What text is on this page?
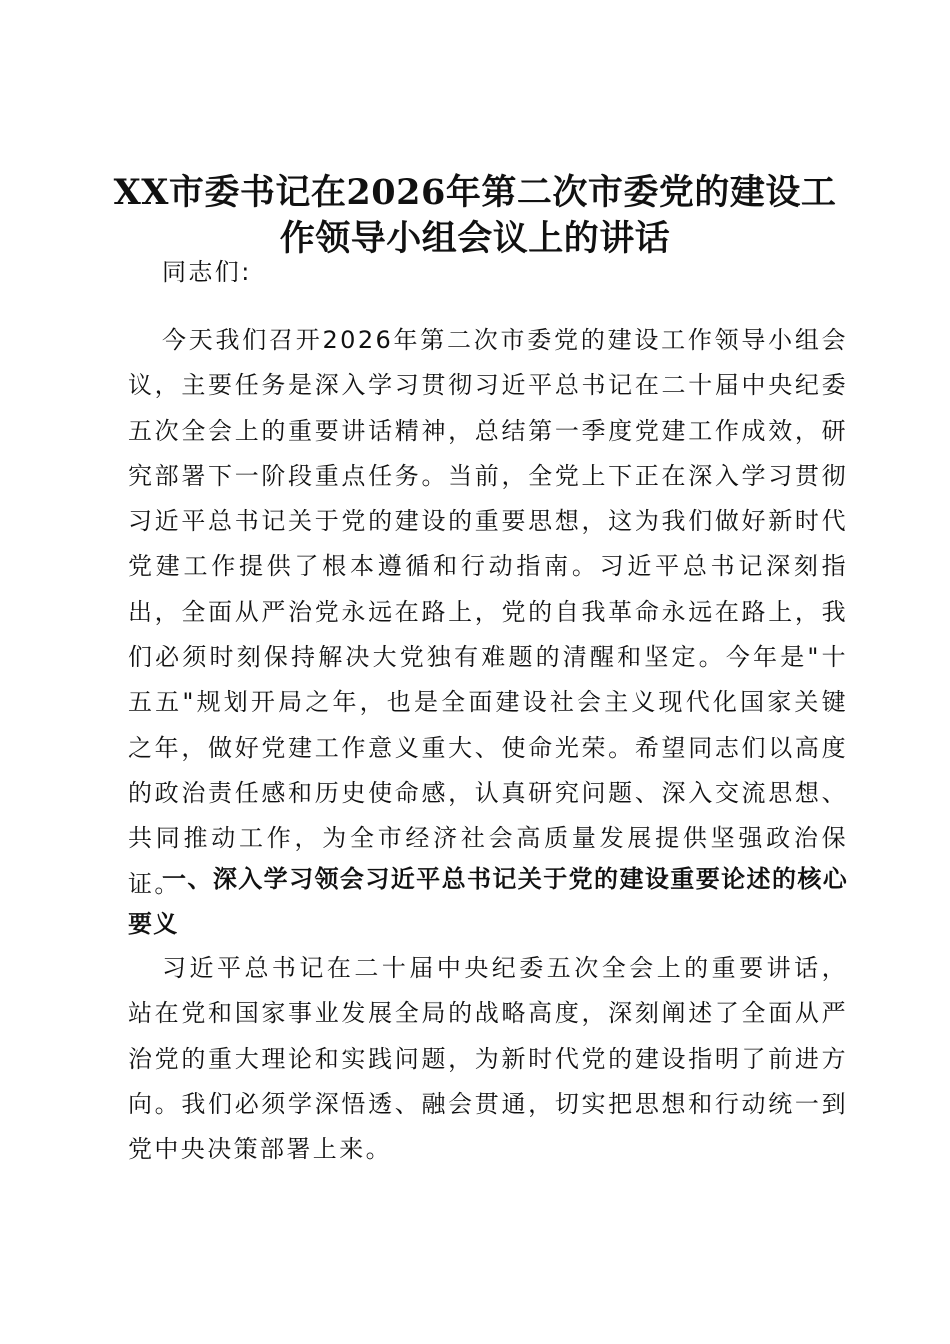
XX市委书记在2026年第二次市委党的建设工作领导小组会议上的讲话

同志们:

今天我们召开2026年第二次市委党的建设工作领导小组会议，主要任务是深入学习贯彻习近平总书记在二十届中央纪委五次全会上的重要讲话精神，总结第一季度党建工作成效，研究部署下一阶段重点任务。当前，全党上下正在深入学习贯彻习近平总书记关于党的建设的重要思想，这为我们做好新时代党建工作提供了根本遵循和行动指南。习近平总书记深刻指出，全面从严治党永远在路上，党的自我革命永远在路上，我们必须时刻保持解决大党独有难题的清醒和坚定。今年是"十五五"规划开局之年，也是全面建设社会主义现代化国家关键之年，做好党建工作意义重大、使命光荣。希望同志们以高度的政治责任感和历史使命感，认真研究问题、深入交流思想、共同推动工作，为全市经济社会高质量发展提供坚强政治保证。

一、深入学习领会习近平总书记关于党的建设重要论述的核心要义

习近平总书记在二十届中央纪委五次全会上的重要讲话，站在党和国家事业发展全局的战略高度，深刻阐述了全面从严治党的重大理论和实践问题，为新时代党的建设指明了前进方向。我们必须学深悟透、融会贯通，切实把思想和行动统一到党中央决策部署上来。
